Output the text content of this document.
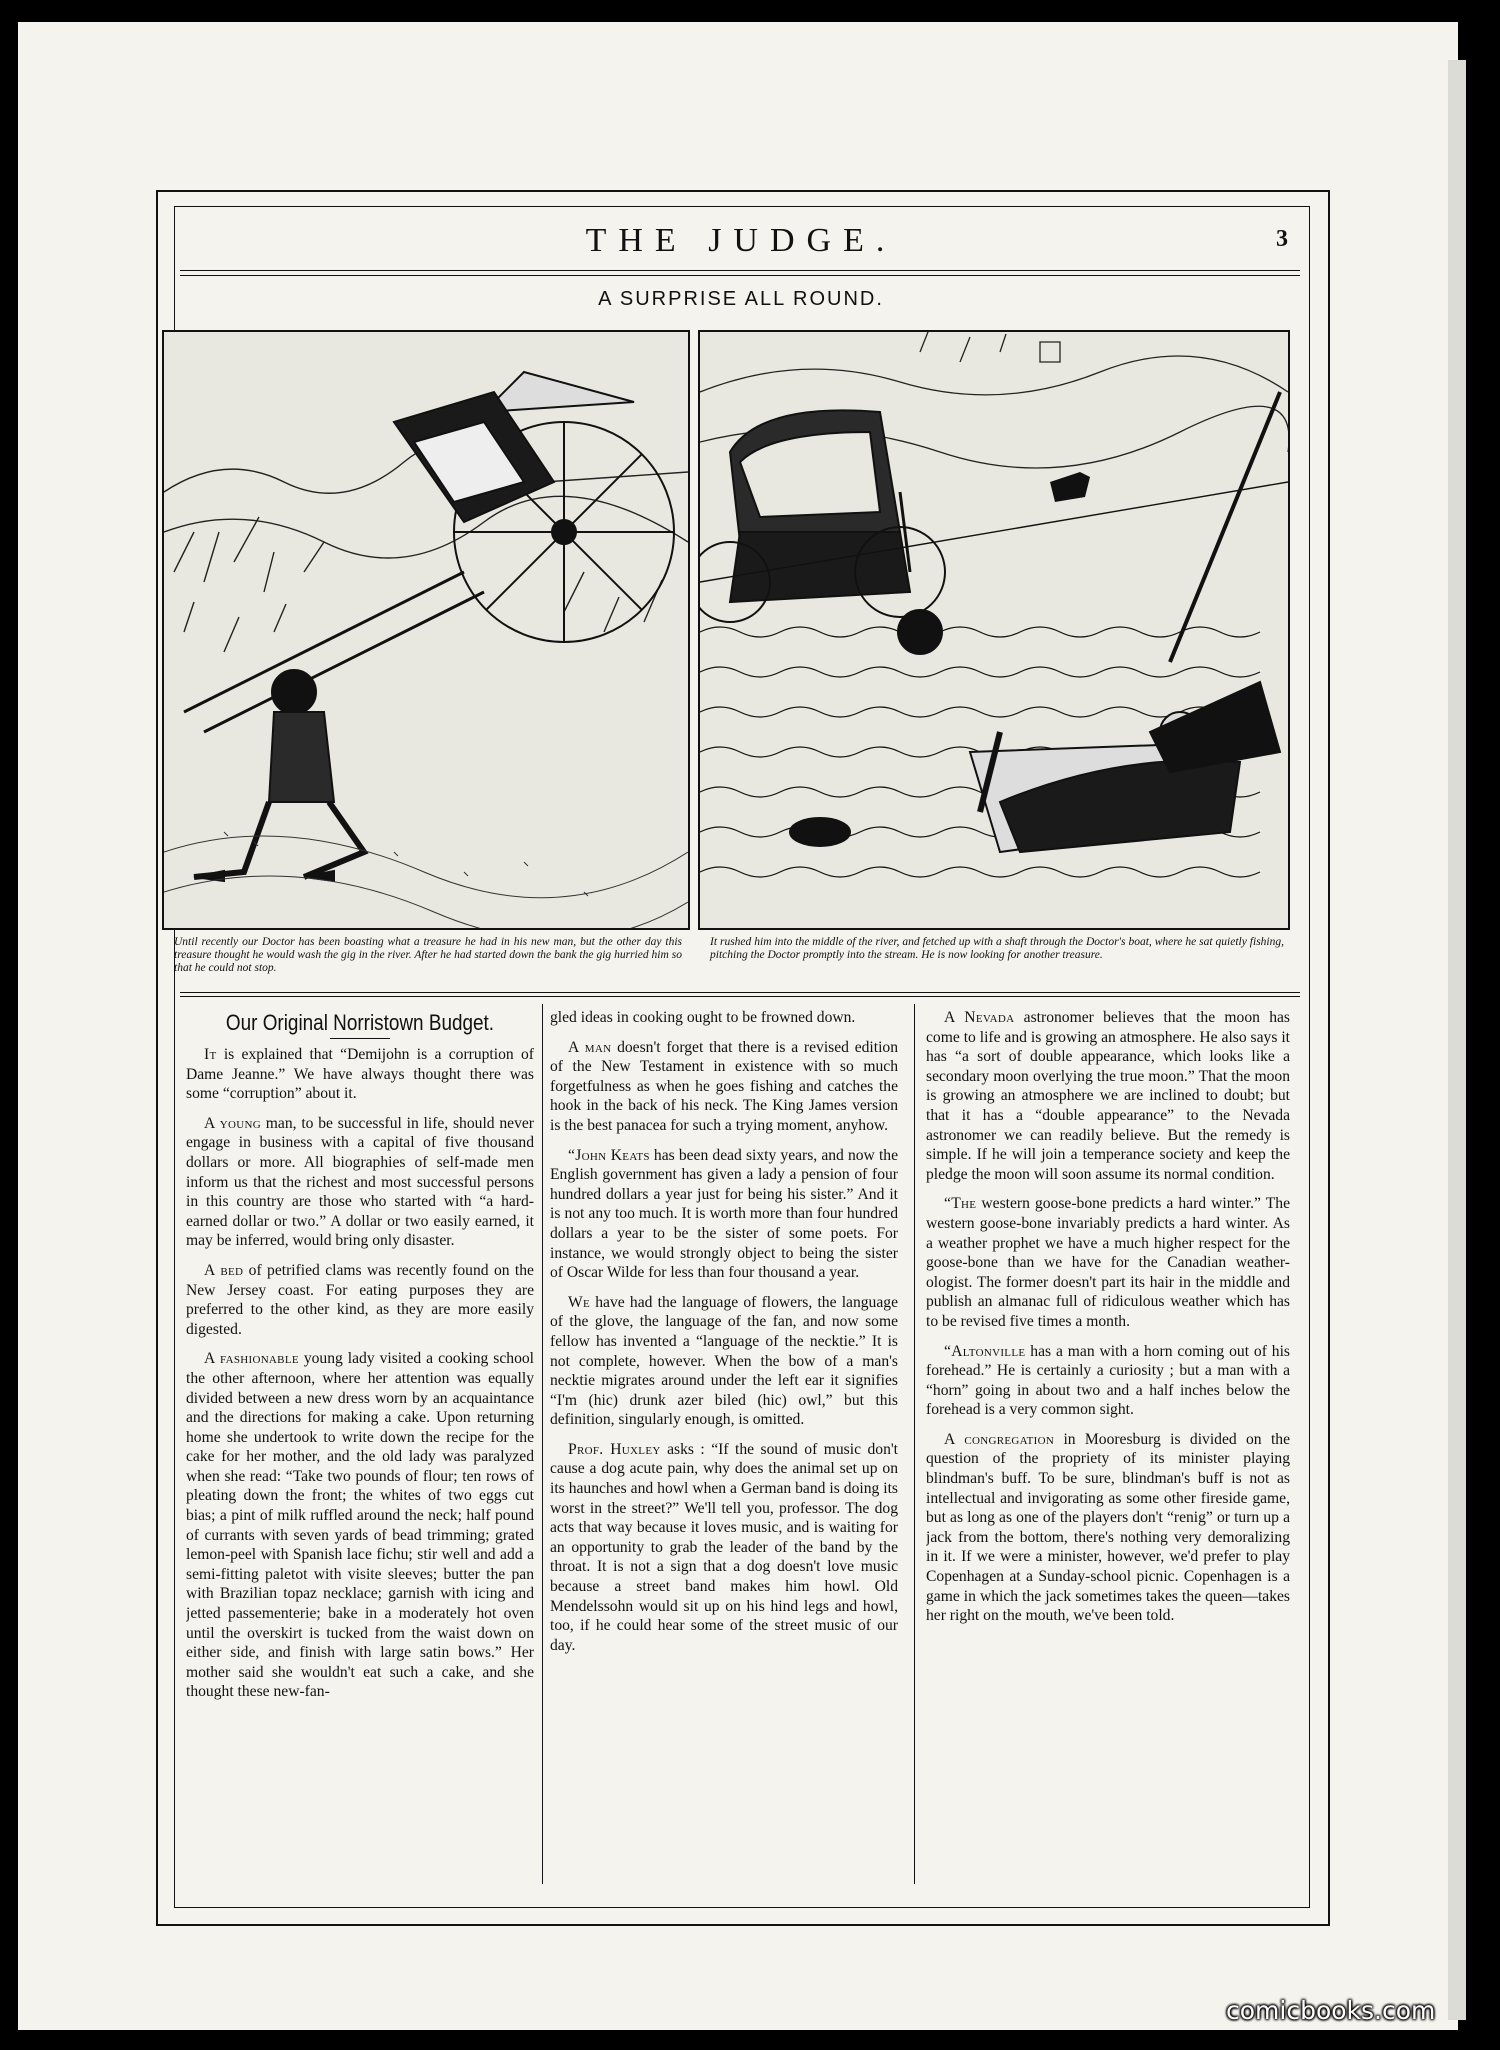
THE JUDGE.	3
A SURPRISE ALL ROUND.
Until recently our Doctor has been boasting what a treasure he had in his new man, but the other day this treasure thought he would wash the gig in the river. After he had started down the bank the gig hurried him so that he could not stop.
It rushed him into the middle of the river, and fetched up with a shaft through the Doctor's boat, where he sat quietly fishing, pitching the Doctor promptly into the stream. He is now looking for another treasure.
Our Original Norristown Budget.

It is explained that “Demijohn is a corruption of Dame Jeanne.” We have always thought there was some “corruption” about it.

A young man, to be successful in life, should never engage in business with a capital of five thousand dollars or more. All biographies of self-made men inform us that the richest and most successful persons in this country are those who started with “a hard-earned dollar or two.” A dollar or two easily earned, it may be inferred, would bring only disaster.

A bed of petrified clams was recently found on the New Jersey coast. For eating purposes they are preferred to the other kind, as they are more easily digested.

A fashionable young lady visited a cooking school the other afternoon, where her attention was equally divided between a new dress worn by an acquaintance and the directions for making a cake. Upon returning home she undertook to write down the recipe for the cake for her mother, and the old lady was paralyzed when she read: “Take two pounds of flour; ten rows of pleating down the front; the whites of two eggs cut bias; a pint of milk ruffled around the neck; half pound of currants with seven yards of bead trimming; grated lemon-peel with Spanish lace fichu; stir well and add a semi-fitting paletot with visite sleeves; butter the pan with Brazilian topaz necklace; garnish with icing and jetted passementerie; bake in a moderately hot oven until the overskirt is tucked from the waist down on either side, and finish with large satin bows.” Her mother said she wouldn't eat such a cake, and she thought these new-fan-

gled ideas in cooking ought to be frowned down.

A man doesn't forget that there is a revised edition of the New Testament in existence with so much forgetfulness as when he goes fishing and catches the hook in the back of his neck. The King James version is the best panacea for such a trying moment, anyhow.

“John Keats has been dead sixty years, and now the English government has given a lady a pension of four hundred dollars a year just for being his sister.” And it is not any too much. It is worth more than four hundred dollars a year to be the sister of some poets. For instance, we would strongly object to being the sister of Oscar Wilde for less than four thousand a year.

We have had the language of flowers, the language of the glove, the language of the fan, and now some fellow has invented a “language of the necktie.” It is not complete, however. When the bow of a man's necktie migrates around under the left ear it signifies “I'm (hic) drunk azer biled (hic) owl,” but this definition, singularly enough, is omitted.

Prof. Huxley asks : “If the sound of music don't cause a dog acute pain, why does the animal set up on its haunches and howl when a German band is doing its worst in the street?” We'll tell you, professor. The dog acts that way because it loves music, and is waiting for an opportunity to grab the leader of the band by the throat. It is not a sign that a dog doesn't love music because a street band makes him howl. Old Mendelssohn would sit up on his hind legs and howl, too, if he could hear some of the street music of our day.

A Nevada astronomer believes that the moon has come to life and is growing an atmosphere. He also says it has “a sort of double appearance, which looks like a secondary moon overlying the true moon.” That the moon is growing an atmosphere we are inclined to doubt; but that it has a “double appearance” to the Nevada astronomer we can readily believe. But the remedy is simple. If he will join a temperance society and keep the pledge the moon will soon assume its normal condition.

“The western goose-bone predicts a hard winter.” The western goose-bone invariably predicts a hard winter. As a weather prophet we have a much higher respect for the goose-bone than we have for the Canadian weather-ologist. The former doesn't part its hair in the middle and publish an almanac full of ridiculous weather which has to be revised five times a month.

“Altonville has a man with a horn coming out of his forehead.” He is certainly a curiosity ; but a man with a “horn” going in about two and a half inches below the forehead is a very common sight.

A congregation in Mooresburg is divided on the question of the propriety of its minister playing blindman's buff. To be sure, blindman's buff is not as intellectual and invigorating as some other fireside game, but as long as one of the players don't “renig” or turn up a jack from the bottom, there's nothing very demoralizing in it. If we were a minister, however, we'd prefer to play Copenhagen at a Sunday-school picnic. Copenhagen is a game in which the jack sometimes takes the queen—takes her right on the mouth, we've been told.

comicbooks.com
